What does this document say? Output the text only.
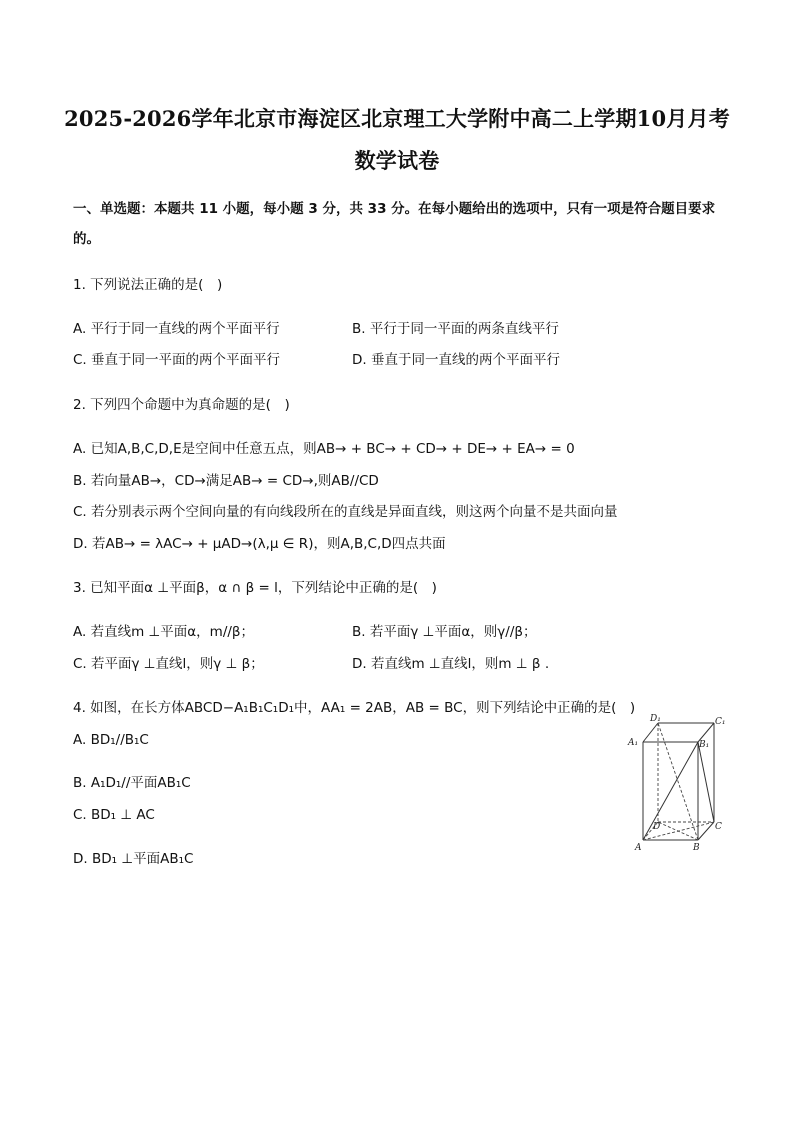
2025-2026学年北京市海淀区北京理工大学附中高二上学期10月月考
数学试卷
一、单选题：本题共 11 小题，每小题 3 分，共 33 分。在每小题给出的选项中，只有一项是符合题目要求
的。
1. 下列说法正确的是(　)
A. 平行于同一直线的两个平面平行	B. 平行于同一平面的两条直线平行
C. 垂直于同一平面的两个平面平行	D. 垂直于同一直线的两个平面平行
2. 下列四个命题中为真命题的是(　)
A. 已知A,B,C,D,E是空间中任意五点，则AB→ + BC→ + CD→ + DE→ + EA→ = 0
B. 若向量AB→，CD→满足AB→ = CD→,则AB//CD
C. 若分别表示两个空间向量的有向线段所在的直线是异面直线，则这两个向量不是共面向量
D. 若AB→ = λAC→ + μAD→(λ,μ ∈ R)，则A,B,C,D四点共面
3. 已知平面α ⊥平面β，α ∩ β = l，下列结论中正确的是(　)
A. 若直线m ⊥平面α，m//β；	B. 若平面γ ⊥平面α，则γ//β；
C. 若平面γ ⊥直线l，则γ ⊥ β；	D. 若直线m ⊥直线l，则m ⊥ β .
4. 如图，在长方体ABCD−A₁B₁C₁D₁中，AA₁ = 2AB，AB = BC，则下列结论中正确的是(　)
A. BD₁//B₁C
B. A₁D₁//平面AB₁C
C. BD₁ ⊥ AC
D. BD₁ ⊥平面AB₁C
D₁	C₁
A₁	B₁
D	C
A	B
